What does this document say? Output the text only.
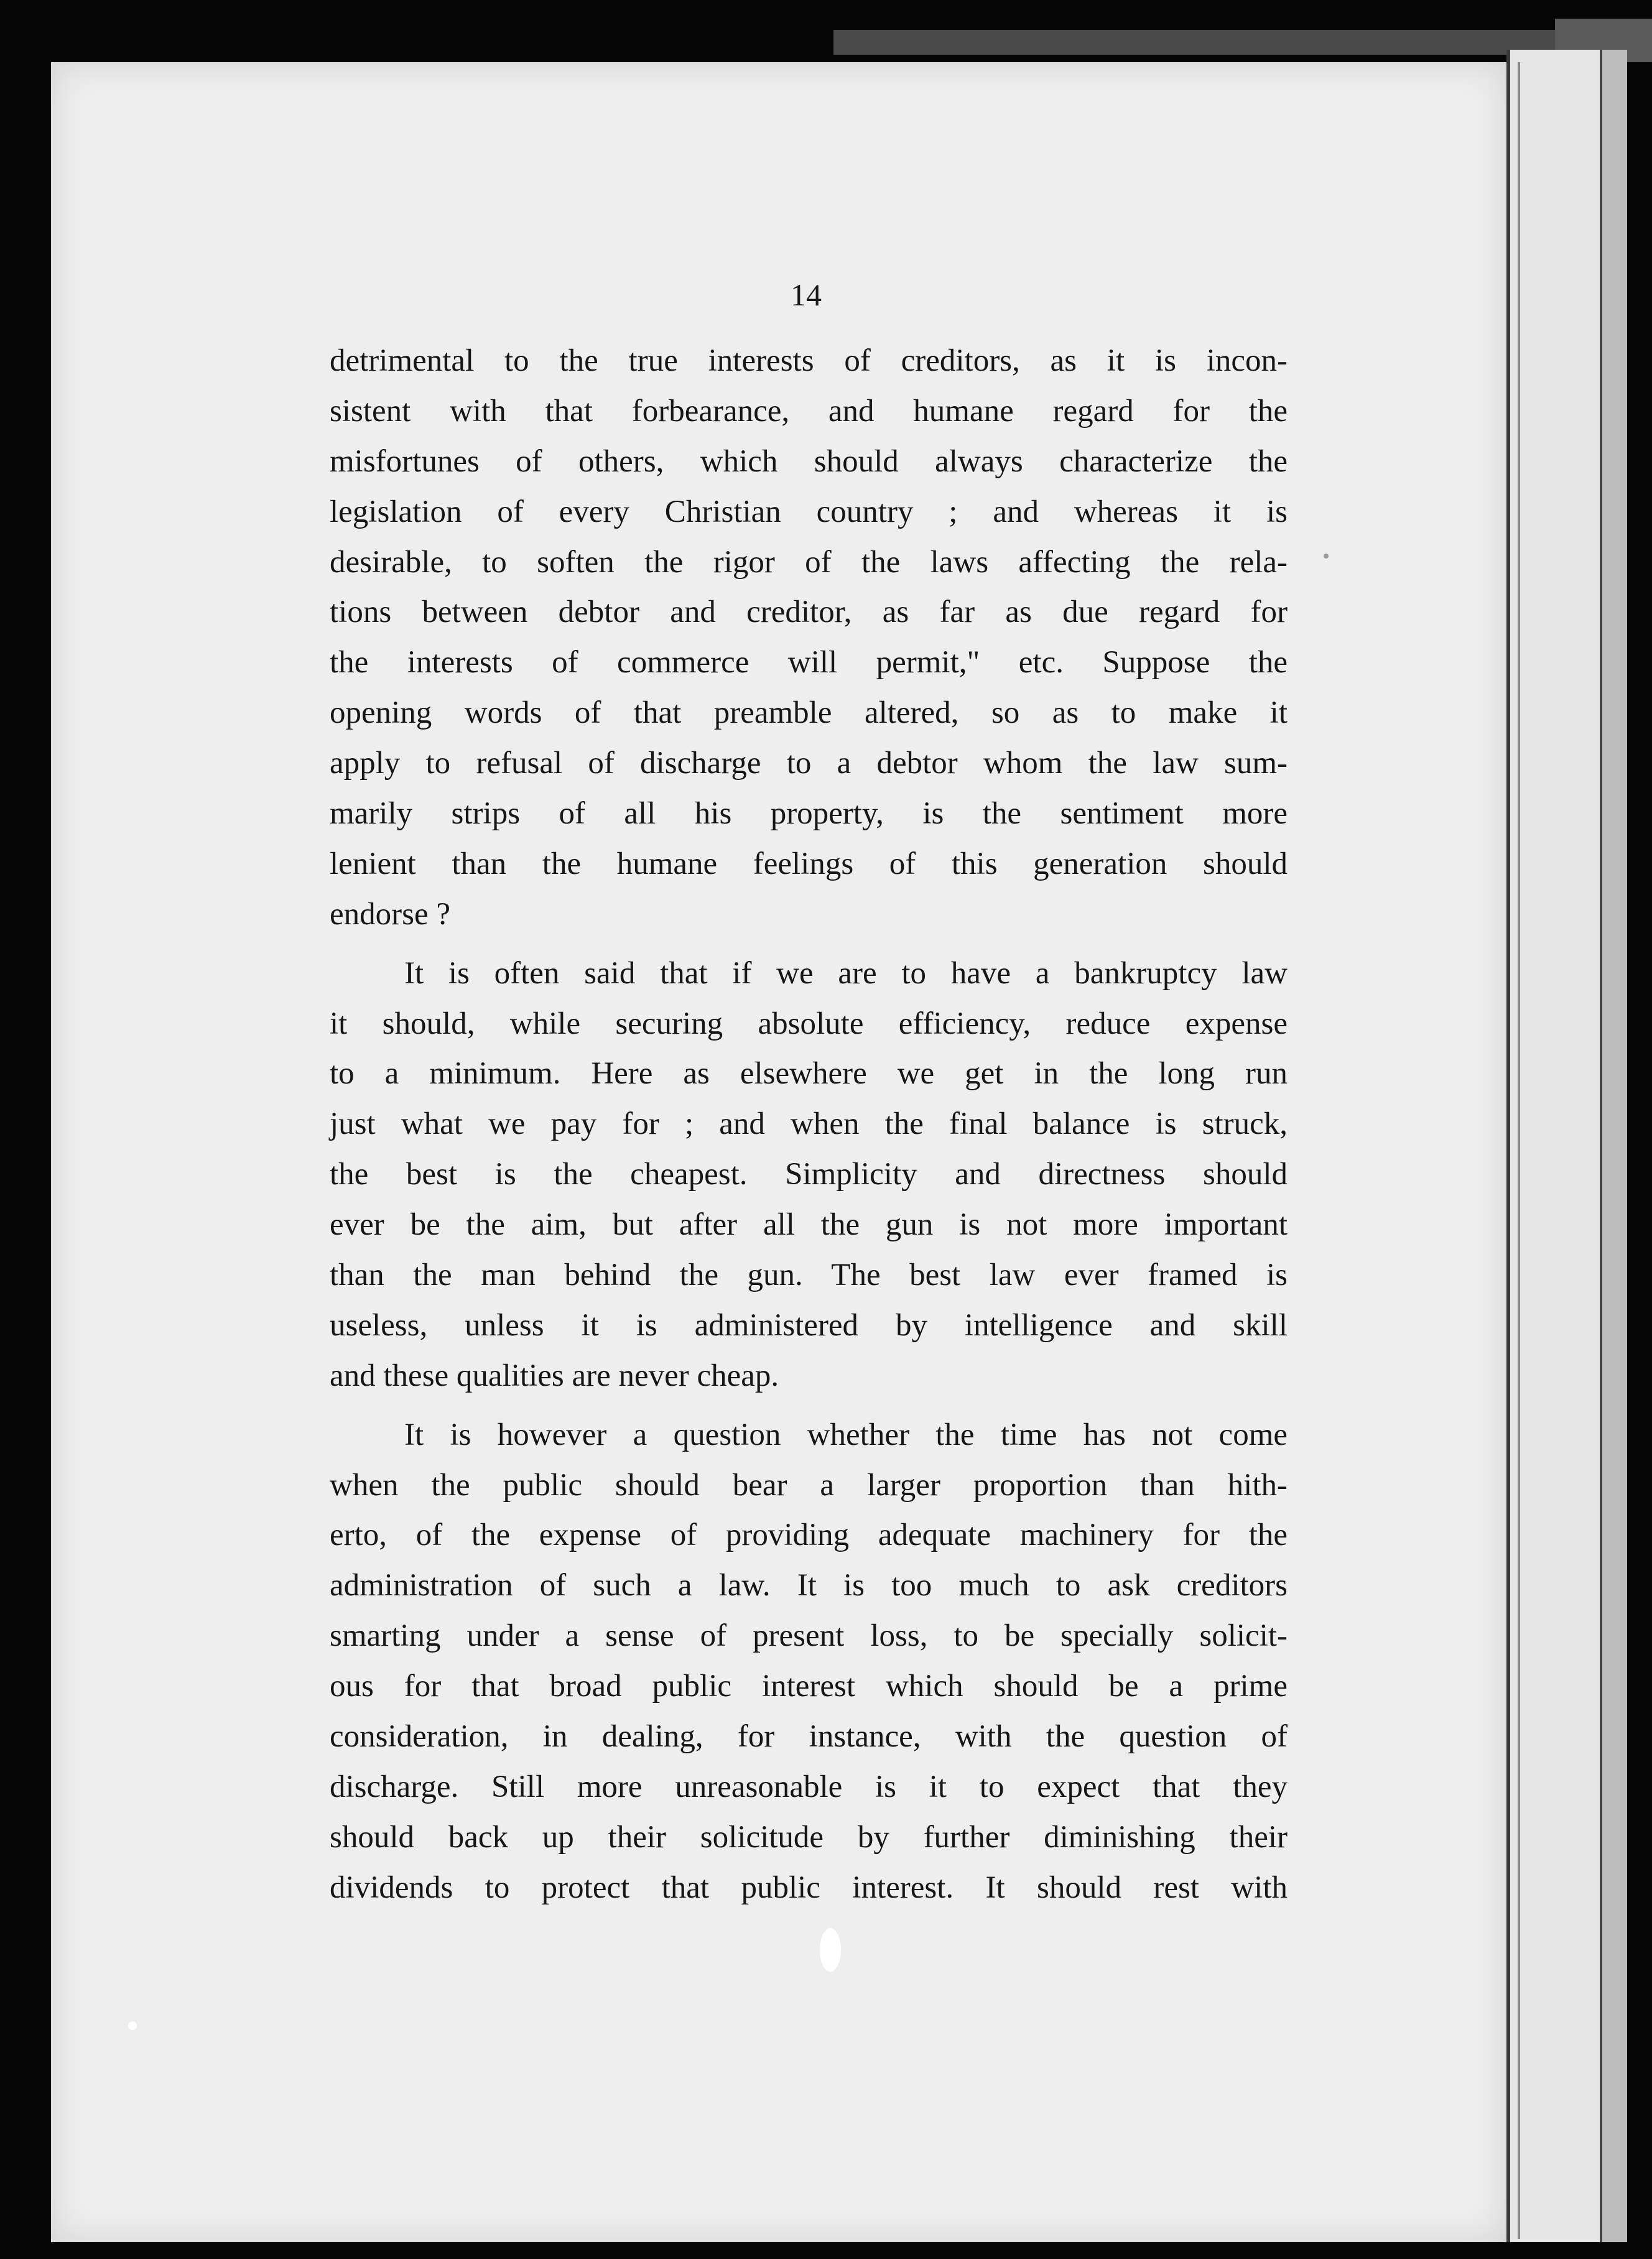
14
detrimental to the true interests of creditors, as it is incon-
sistent with that forbearance, and humane regard for the
misfortunes of others, which should always characterize the
legislation of every Christian country ; and whereas it is
desirable, to soften the rigor of the laws affecting the rela-
tions between debtor and creditor, as far as due regard for
the interests of commerce will permit," etc. Suppose the
opening words of that preamble altered, so as to make it
apply to refusal of discharge to a debtor whom the law sum-
marily strips of all his property, is the sentiment more
lenient than the humane feelings of this generation should
endorse ?
It is often said that if we are to have a bankruptcy law
it should, while securing absolute efficiency, reduce expense
to a minimum. Here as elsewhere we get in the long run
just what we pay for ; and when the final balance is struck,
the best is the cheapest. Simplicity and directness should
ever be the aim, but after all the gun is not more important
than the man behind the gun. The best law ever framed is
useless, unless it is administered by intelligence and skill
and these qualities are never cheap.
It is however a question whether the time has not come
when the public should bear a larger proportion than hith-
erto, of the expense of providing adequate machinery for the
administration of such a law. It is too much to ask creditors
smarting under a sense of present loss, to be specially solicit-
ous for that broad public interest which should be a prime
consideration, in dealing, for instance, with the question of
discharge. Still more unreasonable is it to expect that they
should back up their solicitude by further diminishing their
dividends to protect that public interest. It should rest with
